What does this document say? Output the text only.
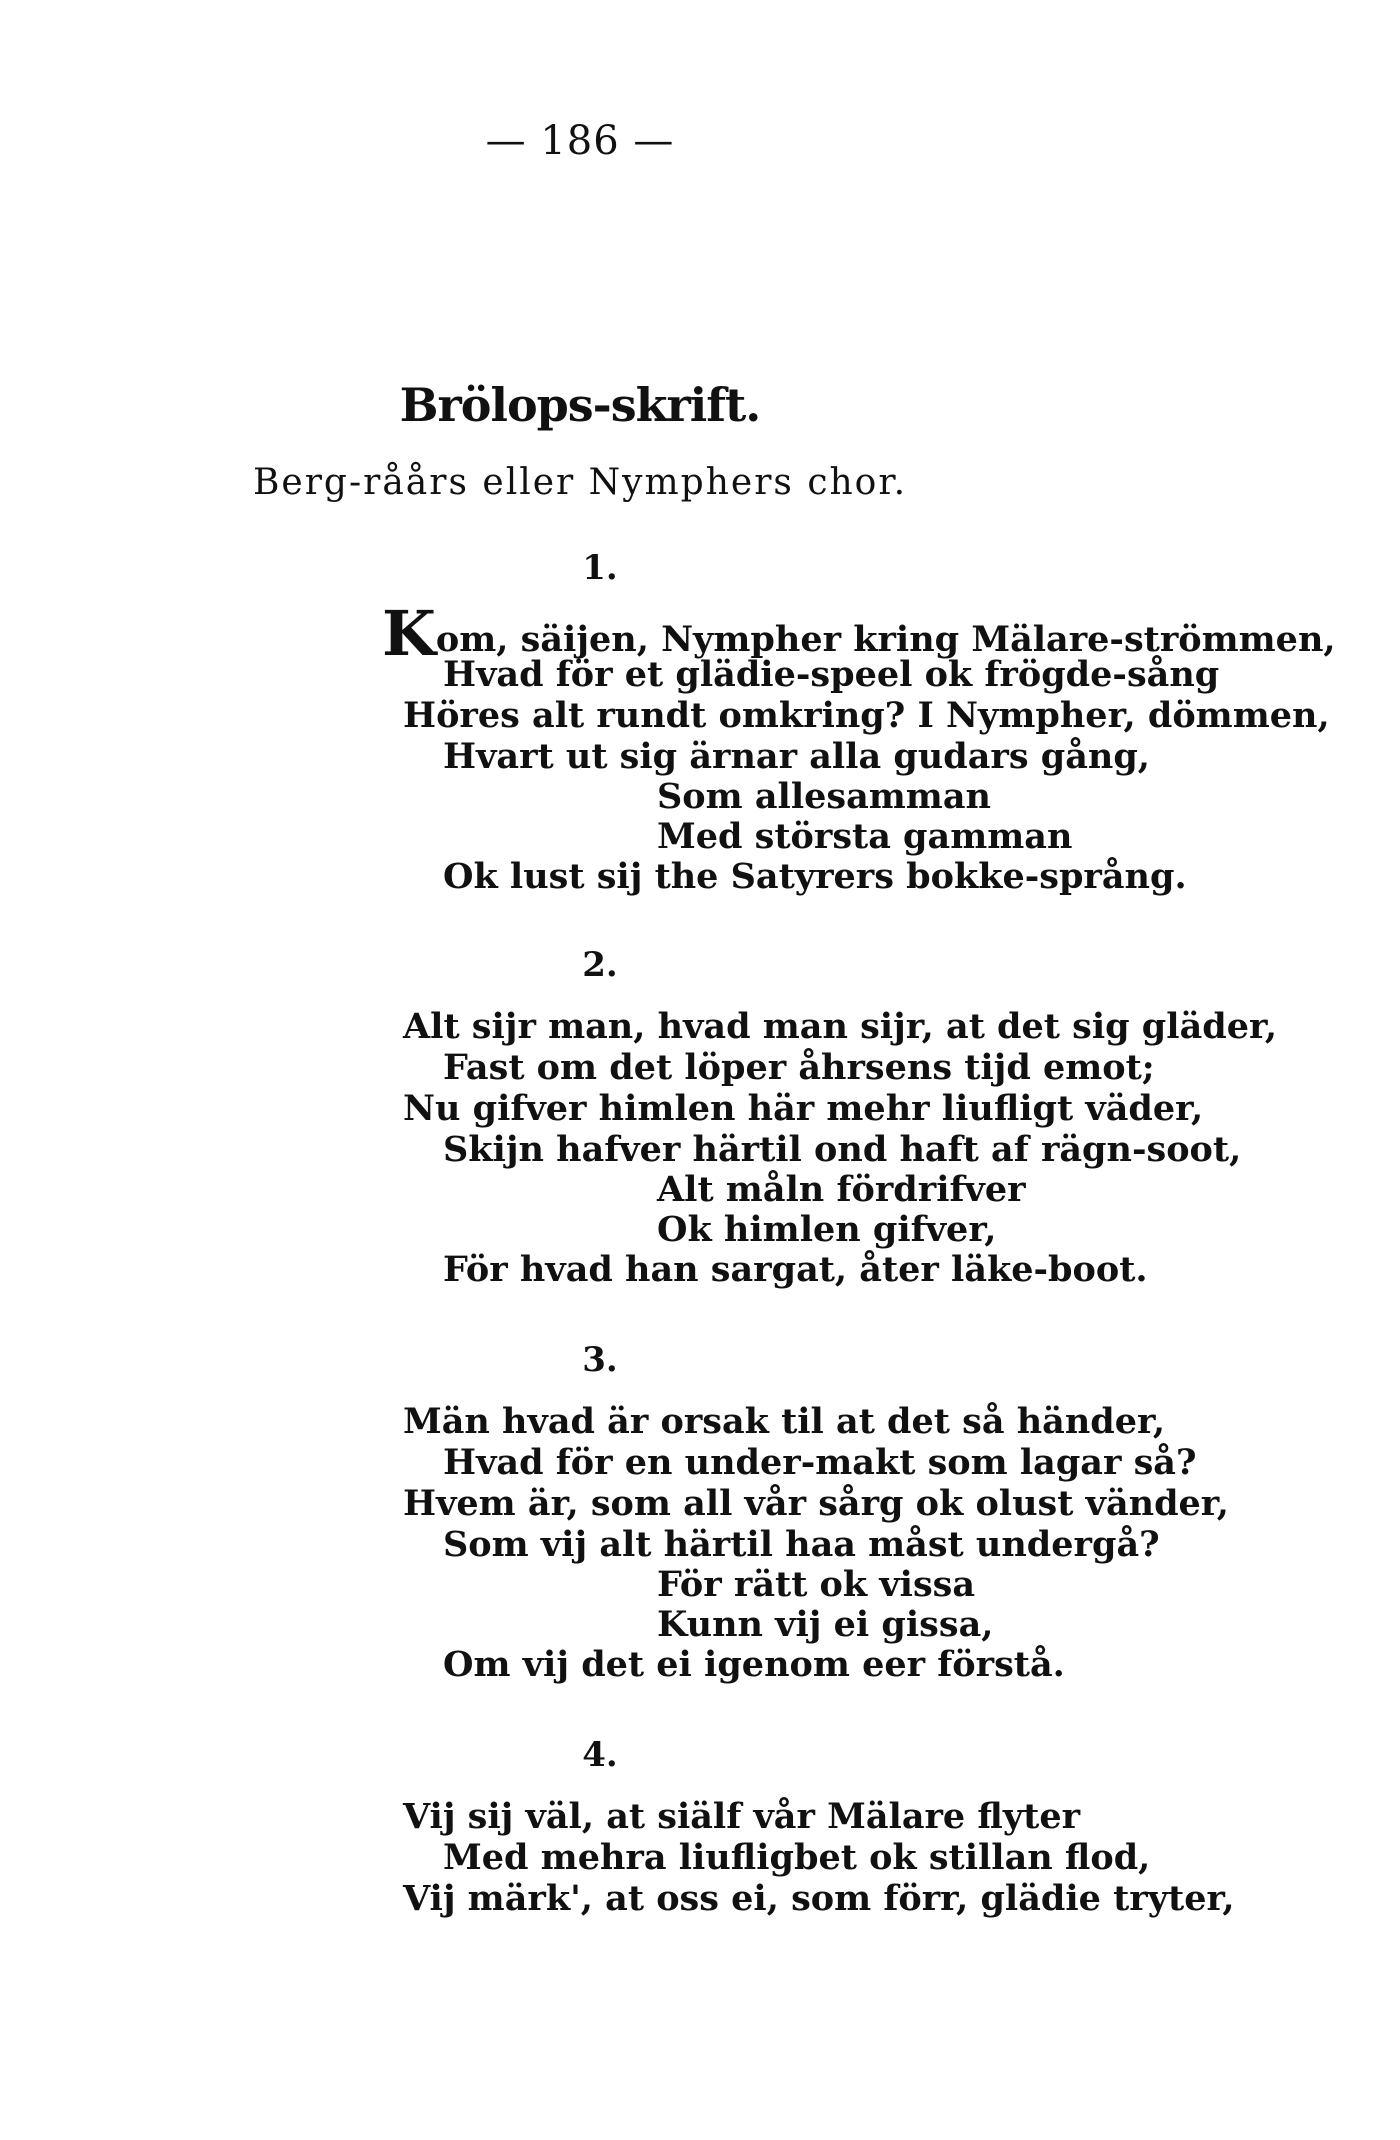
— 186 —
Brölops-skrift.
Berg-råårs eller Nymphers chor.
1.
Kom, säijen, Nympher kring Mälare-strömmen,
Hvad för et glädie-speel ok frögde-sång
Höres alt rundt omkring? I Nympher, dömmen,
Hvart ut sig ärnar alla gudars gång,
Som allesamman
Med största gamman
Ok lust sij the Satyrers bokke-språng.
2.
Alt sijr man, hvad man sijr, at det sig gläder,
Fast om det löper åhrsens tijd emot;
Nu gifver himlen här mehr liufligt väder,
Skijn hafver härtil ond haft af rägn-soot,
Alt måln fördrifver
Ok himlen gifver,
För hvad han sargat, åter läke-boot.
3.
Män hvad är orsak til at det så händer,
Hvad för en under-makt som lagar så?
Hvem är, som all vår sårg ok olust vänder,
Som vij alt härtil haa måst undergå?
För rätt ok vissa
Kunn vij ei gissa,
Om vij det ei igenom eer förstå.
4.
Vij sij väl, at siälf vår Mälare flyter
Med mehra liufligbet ok stillan flod,
Vij märk', at oss ei, som förr, glädie tryter,
